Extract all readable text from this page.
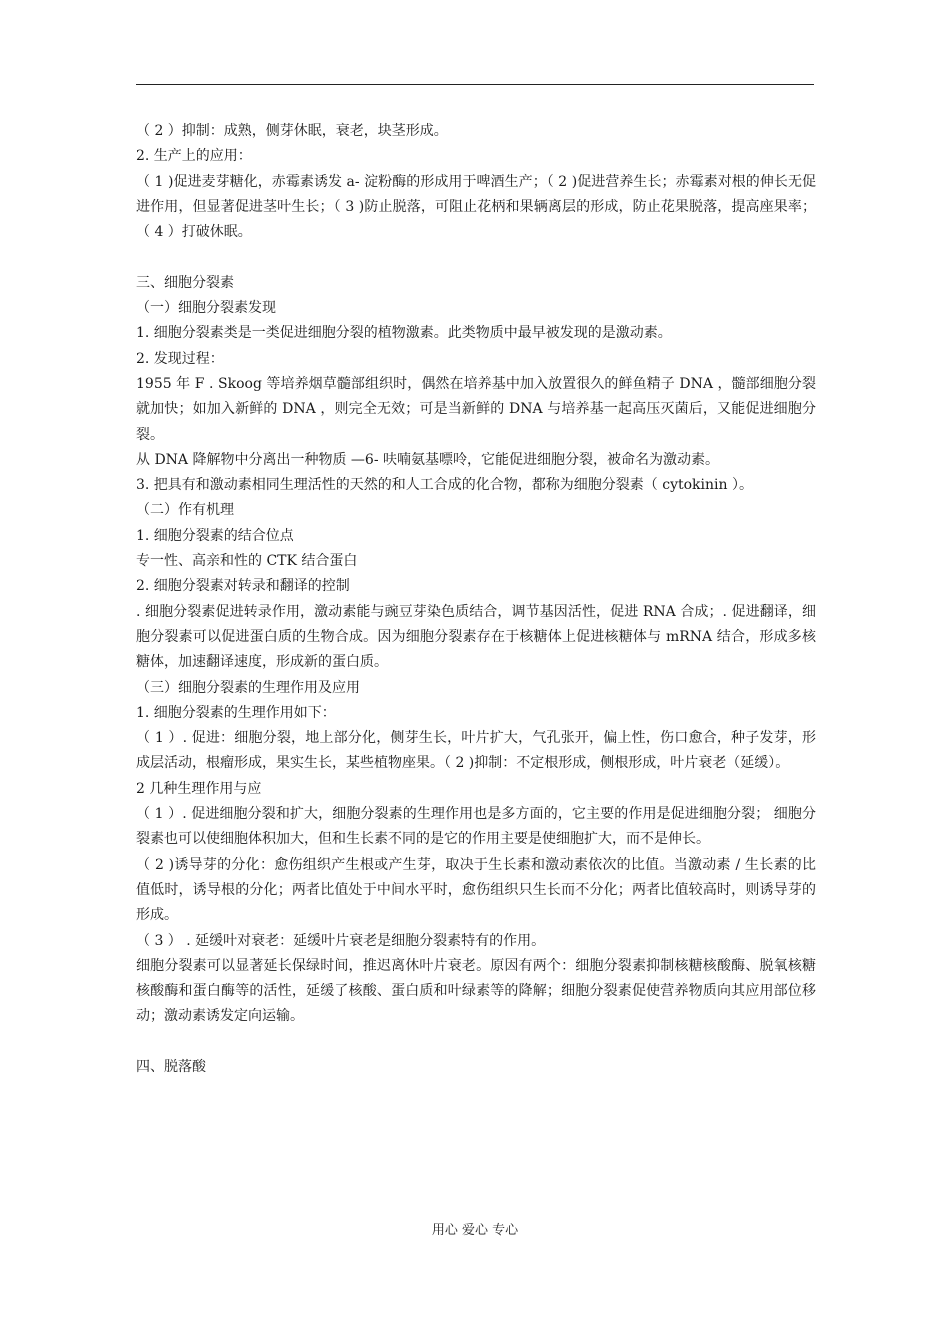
（ 2 ）抑制：成熟，侧芽休眠，衰老，块茎形成。

2. 生产上的应用：

（ 1 )促进麦芽糖化，赤霉素诱发 a- 淀粉酶的形成用于啤酒生产；（ 2 )促进营养生长；赤霉素对根的伸长无促进作用，但显著促进茎叶生长；（ 3 )防止脱落，可阻止花柄和果辆离层的形成，防止花果脱落，提高座果率；（ 4 ）打破休眠。

三、细胞分裂素

（一）细胞分裂素发现

1. 细胞分裂素类是一类促进细胞分裂的植物激素。此类物质中最早被发现的是激动素。

2. 发现过程：

1955 年 F . Skoog 等培养烟草髓部组织时，偶然在培养基中加入放置很久的鲜鱼精子 DNA ，髓部细胞分裂就加快；如加入新鲜的 DNA ，则完全无效；可是当新鲜的 DNA 与培养基一起高压灭菌后，又能促进细胞分裂。

从 DNA 降解物中分离出一种物质 —6- 呋喃氨基嘌呤，它能促进细胞分裂，被命名为激动素。

3. 把具有和激动素相同生理活性的天然的和人工合成的化合物，都称为细胞分裂素（ cytokinin ）。

（二）作有机理

1. 细胞分裂素的结合位点

专一性、高亲和性的 CTK 结合蛋白

2. 细胞分裂素对转录和翻译的控制

. 细胞分裂素促进转录作用，激动素能与豌豆芽染色质结合，调节基因活性，促进 RNA 合成；. 促进翻译，细胞分裂素可以促进蛋白质的生物合成。因为细胞分裂素存在于核糖体上促进核糖体与 mRNA 结合，形成多核糖体，加速翻译速度，形成新的蛋白质。

（三）细胞分裂素的生理作用及应用

1. 细胞分裂素的生理作用如下：

（ 1 ）. 促进：细胞分裂，地上部分化，侧芽生长，叶片扩大，气孔张开，偏上性，伤口愈合，种子发芽，形成层活动，根瘤形成，果实生长，某些植物座果。（ 2 )抑制：不定根形成，侧根形成，叶片衰老（延缓）。

2 几种生理作用与应

（ 1 ）. 促进细胞分裂和扩大，细胞分裂素的生理作用也是多方面的，它主要的作用是促进细胞分裂； 细胞分裂素也可以使细胞体积加大，但和生长素不同的是它的作用主要是使细胞扩大，而不是伸长。

（ 2 )诱导芽的分化：愈伤组织产生根或产生芽，取决于生长素和激动素依次的比值。当激动素 / 生长素的比值低时，诱导根的分化；两者比值处于中间水平时，愈伤组织只生长而不分化；两者比值较高时，则诱导芽的形成。

（ 3 ） . 延缓叶对衰老：延缓叶片衰老是细胞分裂素特有的作用。

细胞分裂素可以显著延长保绿时间，推迟离休叶片衰老。原因有两个：细胞分裂素抑制核糖核酸酶、脱氧核糖核酸酶和蛋白酶等的活性，延缓了核酸、蛋白质和叶绿素等的降解；细胞分裂素促使营养物质向其应用部位移动；激动素诱发定向运输。

四、脱落酸

用心 爱心 专心
